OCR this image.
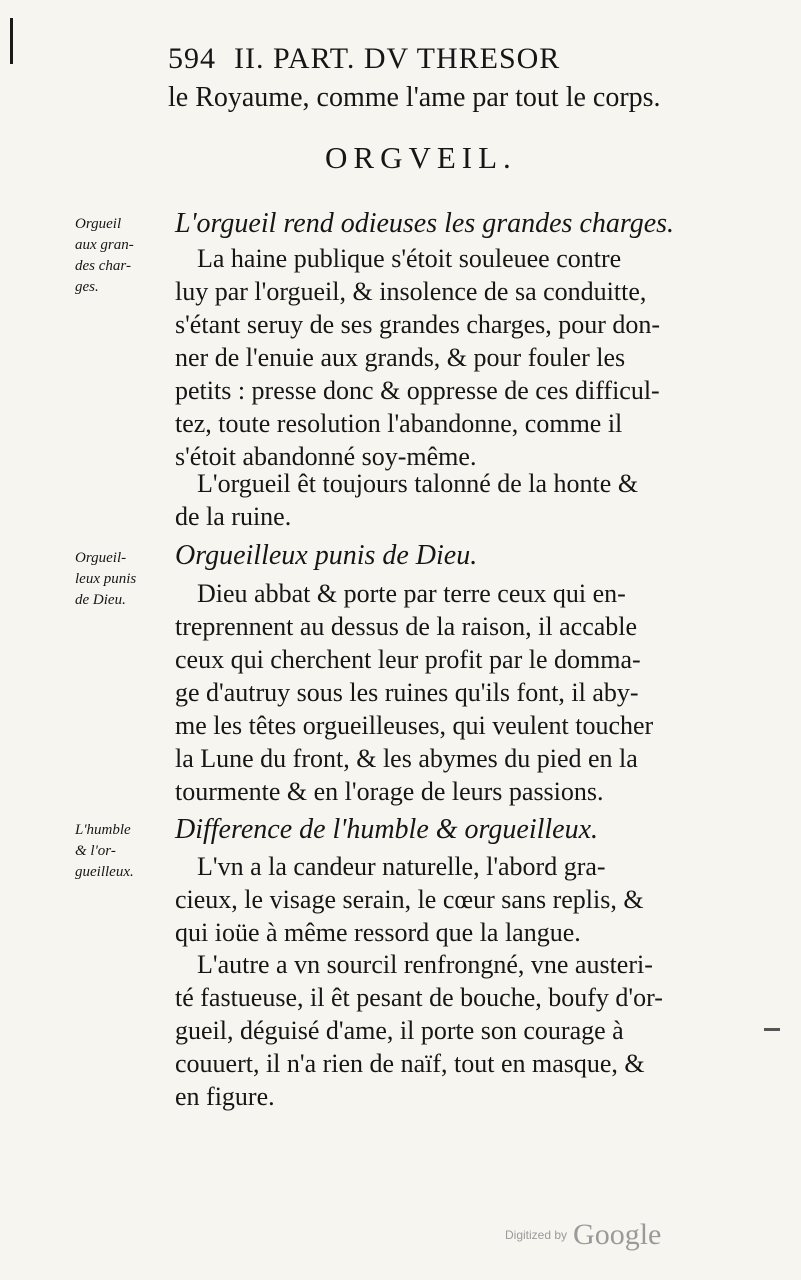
594 II. PART. DV THRESOR
le Royaume, comme l'ame par tout le corps.
ORGVEIL.
Orgueil
aux gran-
des char-
ges.
L'orgueil rend odieuses les grandes charges.
La haine publique s'étoit souleuee contre
luy par l'orgueil, & insolence de sa conduitte,
s'étant seruy de ses grandes charges, pour don-
ner de l'enuie aux grands, & pour fouler les
petits : presse donc & oppresse de ces difficul-
tez, toute resolution l'abandonne, comme il
s'étoit abandonné soy-même.
L'orgueil êt toujours talonné de la honte &
de la ruine.
Orgueil-
leux punis
de Dieu.
Orgueilleux punis de Dieu.
Dieu abbat & porte par terre ceux qui en-
treprennent au dessus de la raison, il accable
ceux qui cherchent leur profit par le domma-
ge d'autruy sous les ruines qu'ils font, il aby-
me les têtes orgueilleuses, qui veulent toucher
la Lune du front, & les abymes du pied en la
tourmente & en l'orage de leurs passions.
L'humble
& l'or-
gueilleux.
Difference de l'humble & orgueilleux.
L'vn a la candeur naturelle, l'abord gra-
cieux, le visage serain, le cœur sans replis, &
qui ioüe à même ressord que la langue.
L'autre a vn sourcil renfrongné, vne austeri-
té fastueuse, il êt pesant de bouche, boufy d'or-
gueil, déguisé d'ame, il porte son courage à
couuert, il n'a rien de naïf, tout en masque, &
en figure.
Digitized by Google
